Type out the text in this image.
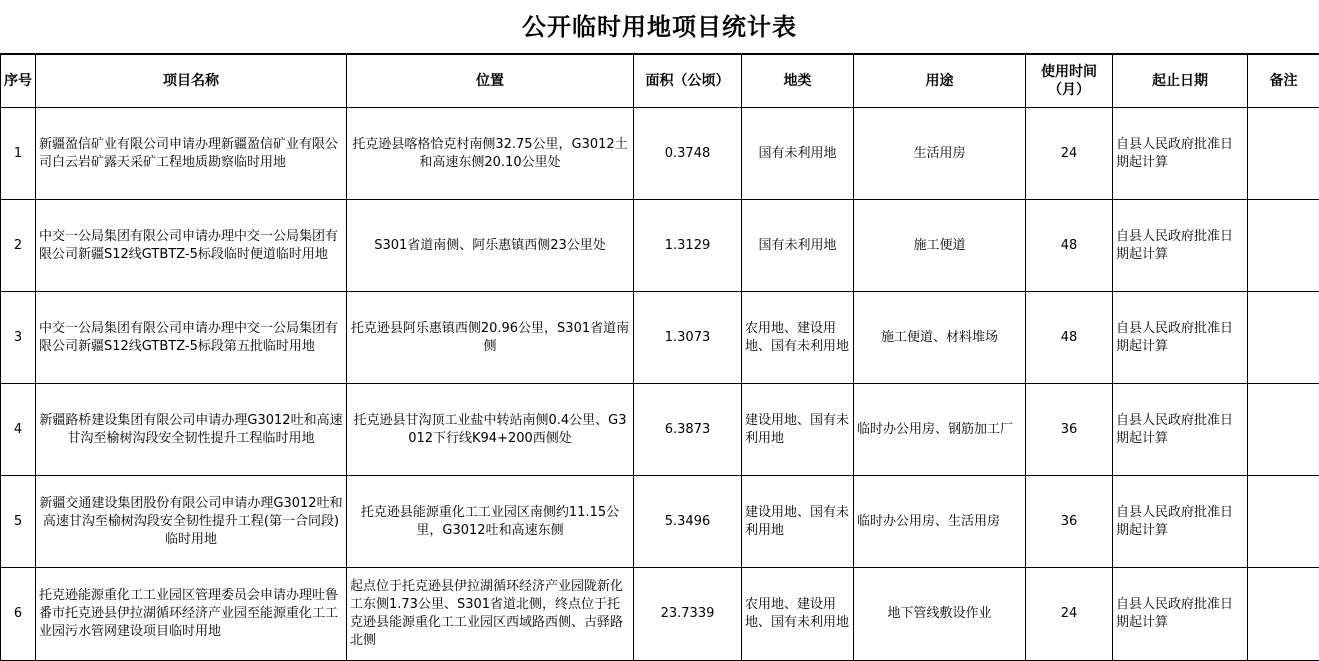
公开临时用地项目统计表
序号	项目名称	位置	面积（公顷）	地类	用途	使用时间（月）	起止日期	备注
1	新疆盈信矿业有限公司申请办理新疆盈信矿业有限公司白云岩矿露天采矿工程地质勘察临时用地	托克逊县喀格恰克村南侧32.75公里，G3012土和高速东侧20.10公里处	0.3748	国有未利用地	生活用房	24	自县人民政府批准日期起计算	
2	中交一公局集团有限公司申请办理中交一公局集团有限公司新疆S12线GTBTZ-5标段临时便道临时用地	S301省道南侧、阿乐惠镇西侧23公里处	1.3129	国有未利用地	施工便道	48	自县人民政府批准日期起计算	
3	中交一公局集团有限公司申请办理中交一公局集团有限公司新疆S12线GTBTZ-5标段第五批临时用地	托克逊县阿乐惠镇西侧20.96公里，S301省道南侧	1.3073	农用地、建设用地、国有未利用地	施工便道、材料堆场	48	自县人民政府批准日期起计算	
4	新疆路桥建设集团有限公司申请办理G3012吐和高速甘沟至榆树沟段安全韧性提升工程临时用地	托克逊县甘沟顶工业盐中转站南侧0.4公里、G3012下行线K94+200西侧处	6.3873	建设用地、国有未利用地	临时办公用房、钢筋加工厂	36	自县人民政府批准日期起计算	
5	新疆交通建设集团股份有限公司申请办理G3012吐和高速甘沟至榆树沟段安全韧性提升工程(第一合同段)临时用地	托克逊县能源重化工工业园区南侧约11.15公里，G3012吐和高速东侧	5.3496	建设用地、国有未利用地	临时办公用房、生活用房	36	自县人民政府批准日期起计算	
6	托克逊能源重化工工业园区管理委员会申请办理吐鲁番市托克逊县伊拉湖循环经济产业园至能源重化工工业园污水管网建设项目临时用地	起点位于托克逊县伊拉湖循环经济产业园陇新化工东侧1.73公里、S301省道北侧，终点位于托克逊县能源重化工工业园区西域路西侧、古驿路北侧	23.7339	农用地、建设用地、国有未利用地	地下管线敷设作业	24	自县人民政府批准日期起计算	
